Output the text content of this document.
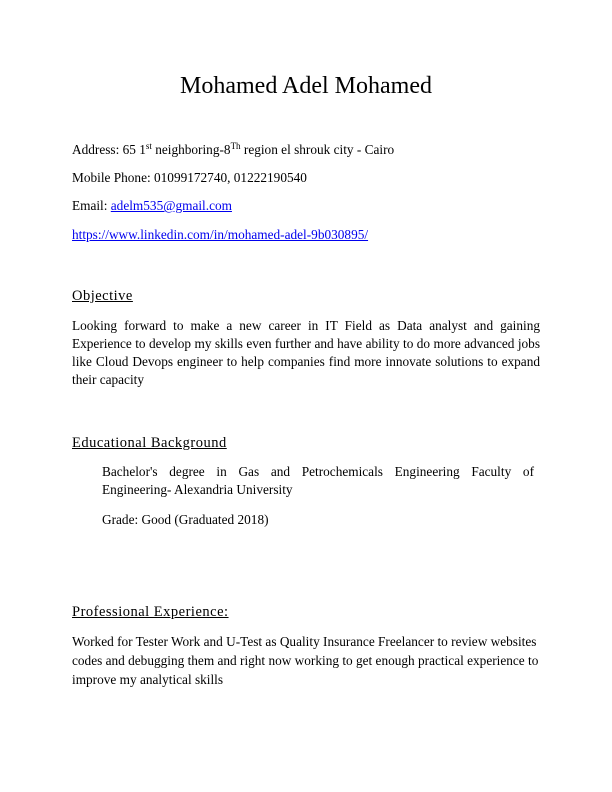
Mohamed Adel Mohamed
Address: 65 1st neighboring-8Th region el shrouk city - Cairo
Mobile Phone: 01099172740, 01222190540
Email: adelm535@gmail.com
https://www.linkedin.com/in/mohamed-adel-9b030895/
Objective
Looking forward to make a new career in IT Field as Data analyst and gaining Experience to develop my skills even further and have ability to do more advanced jobs like Cloud Devops engineer to help companies find more innovate solutions to expand their capacity
Educational Background
Bachelor's degree in Gas and Petrochemicals Engineering Faculty of Engineering- Alexandria University
Grade: Good (Graduated 2018)
Professional Experience:
Worked for Tester Work and U-Test as Quality Insurance Freelancer to review websites codes and debugging them and right now working to get enough practical experience to improve my analytical skills
